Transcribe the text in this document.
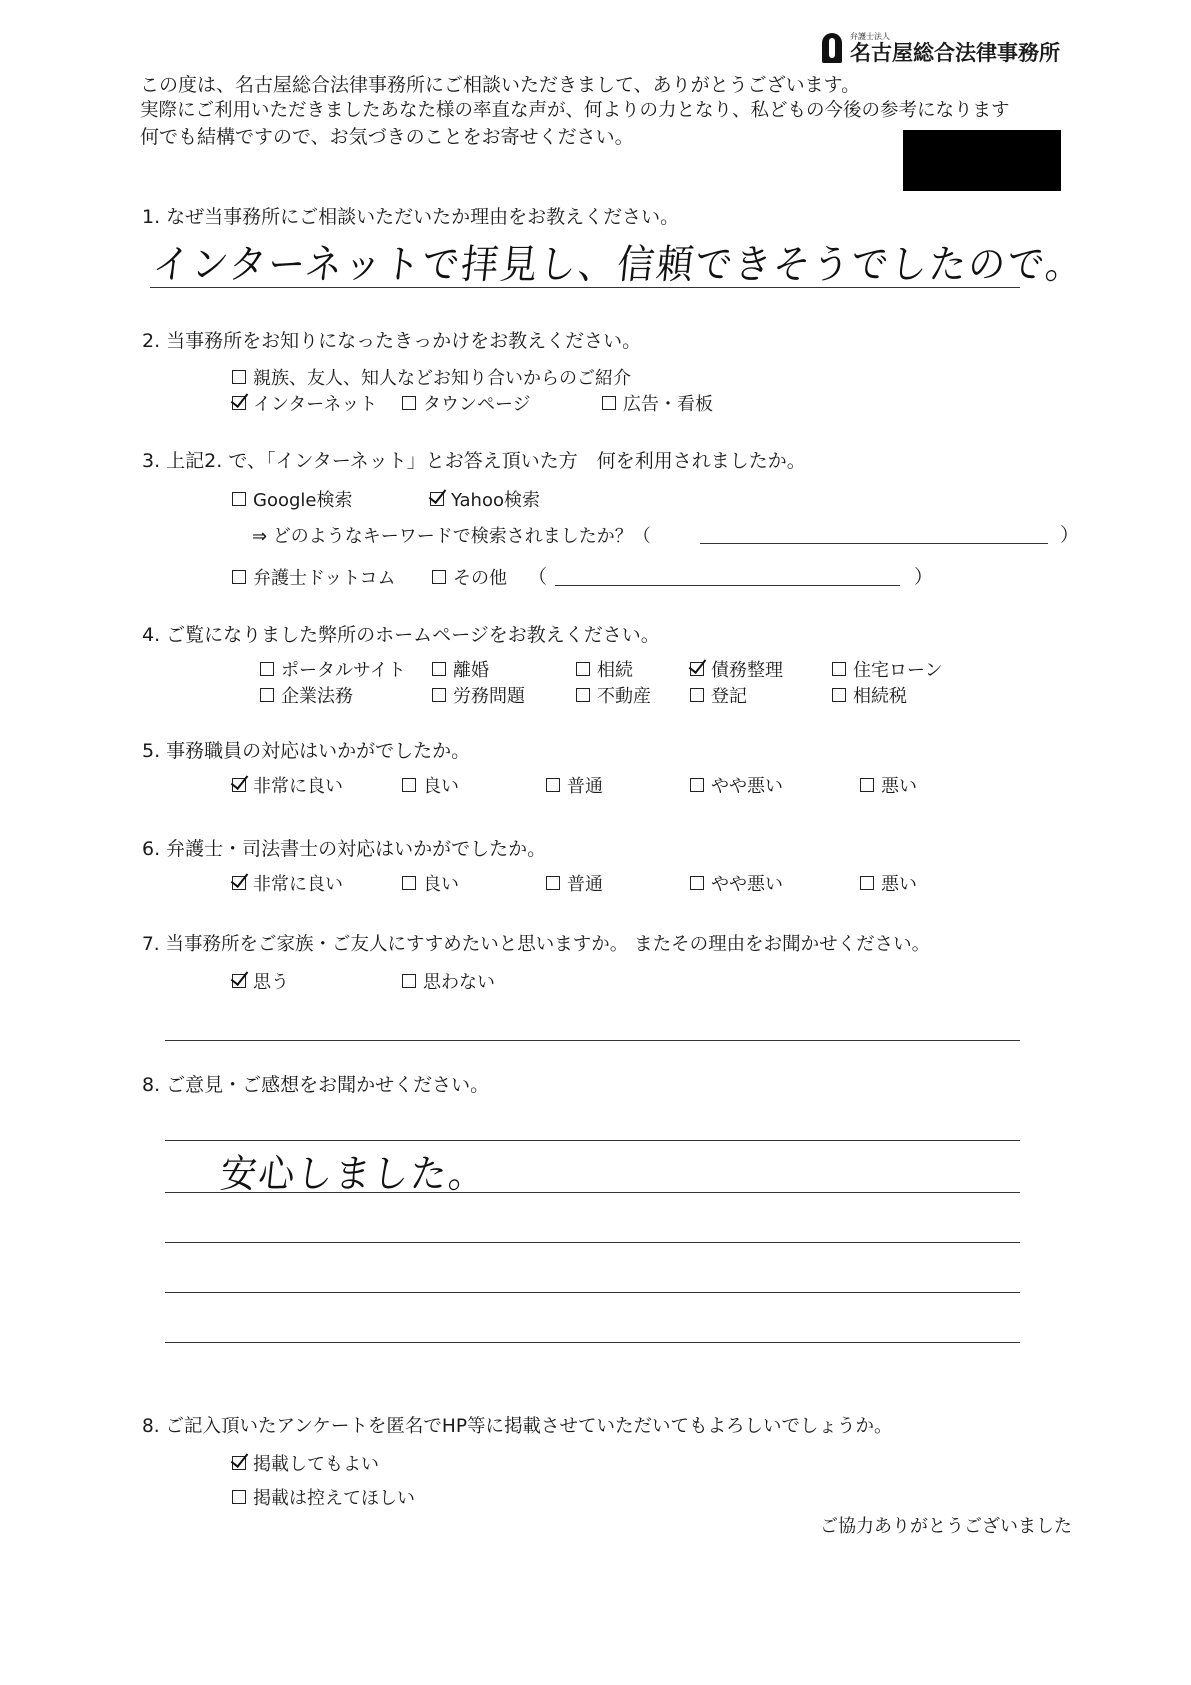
弁護士法人
名古屋総合法律事務所
この度は、名古屋総合法律事務所にご相談いただきまして、ありがとうございます。
実際にご利用いただきましたあなた様の率直な声が、何よりの力となり、私どもの今後の参考になります
何でも結構ですので、お気づきのことをお寄せください。
1. なぜ当事務所にご相談いただいたか理由をお教えください。
インターネットで拝見し、信頼できそうでしたので。
2. 当事務所をお知りになったきっかけをお教えください。
親族、友人、知人などお知り合いからのご紹介
インターネット	タウンページ	広告・看板
3. 上記2. で、「インターネット」とお答え頂いた方　何を利用されましたか。
Google検索	Yahoo検索
⇒ どのようなキーワードで検索されましたか？（	）
弁護士ドットコム	その他 （	）
4. ご覧になりました弊所のホームページをお教えください。
ポータルサイト	離婚	相続	債務整理	住宅ローン
企業法務	労務問題	不動産	登記	相続税
5. 事務職員の対応はいかがでしたか。
非常に良い	良い	普通	やや悪い	悪い
6. 弁護士・司法書士の対応はいかがでしたか。
非常に良い	良い	普通	やや悪い	悪い
7. 当事務所をご家族・ご友人にすすめたいと思いますか。 またその理由をお聞かせください。
思う	思わない
8. ご意見・ご感想をお聞かせください。
安心しました。
8. ご記入頂いたアンケートを匿名でHP等に掲載させていただいてもよろしいでしょうか。
掲載してもよい
掲載は控えてほしい
ご協力ありがとうございました
